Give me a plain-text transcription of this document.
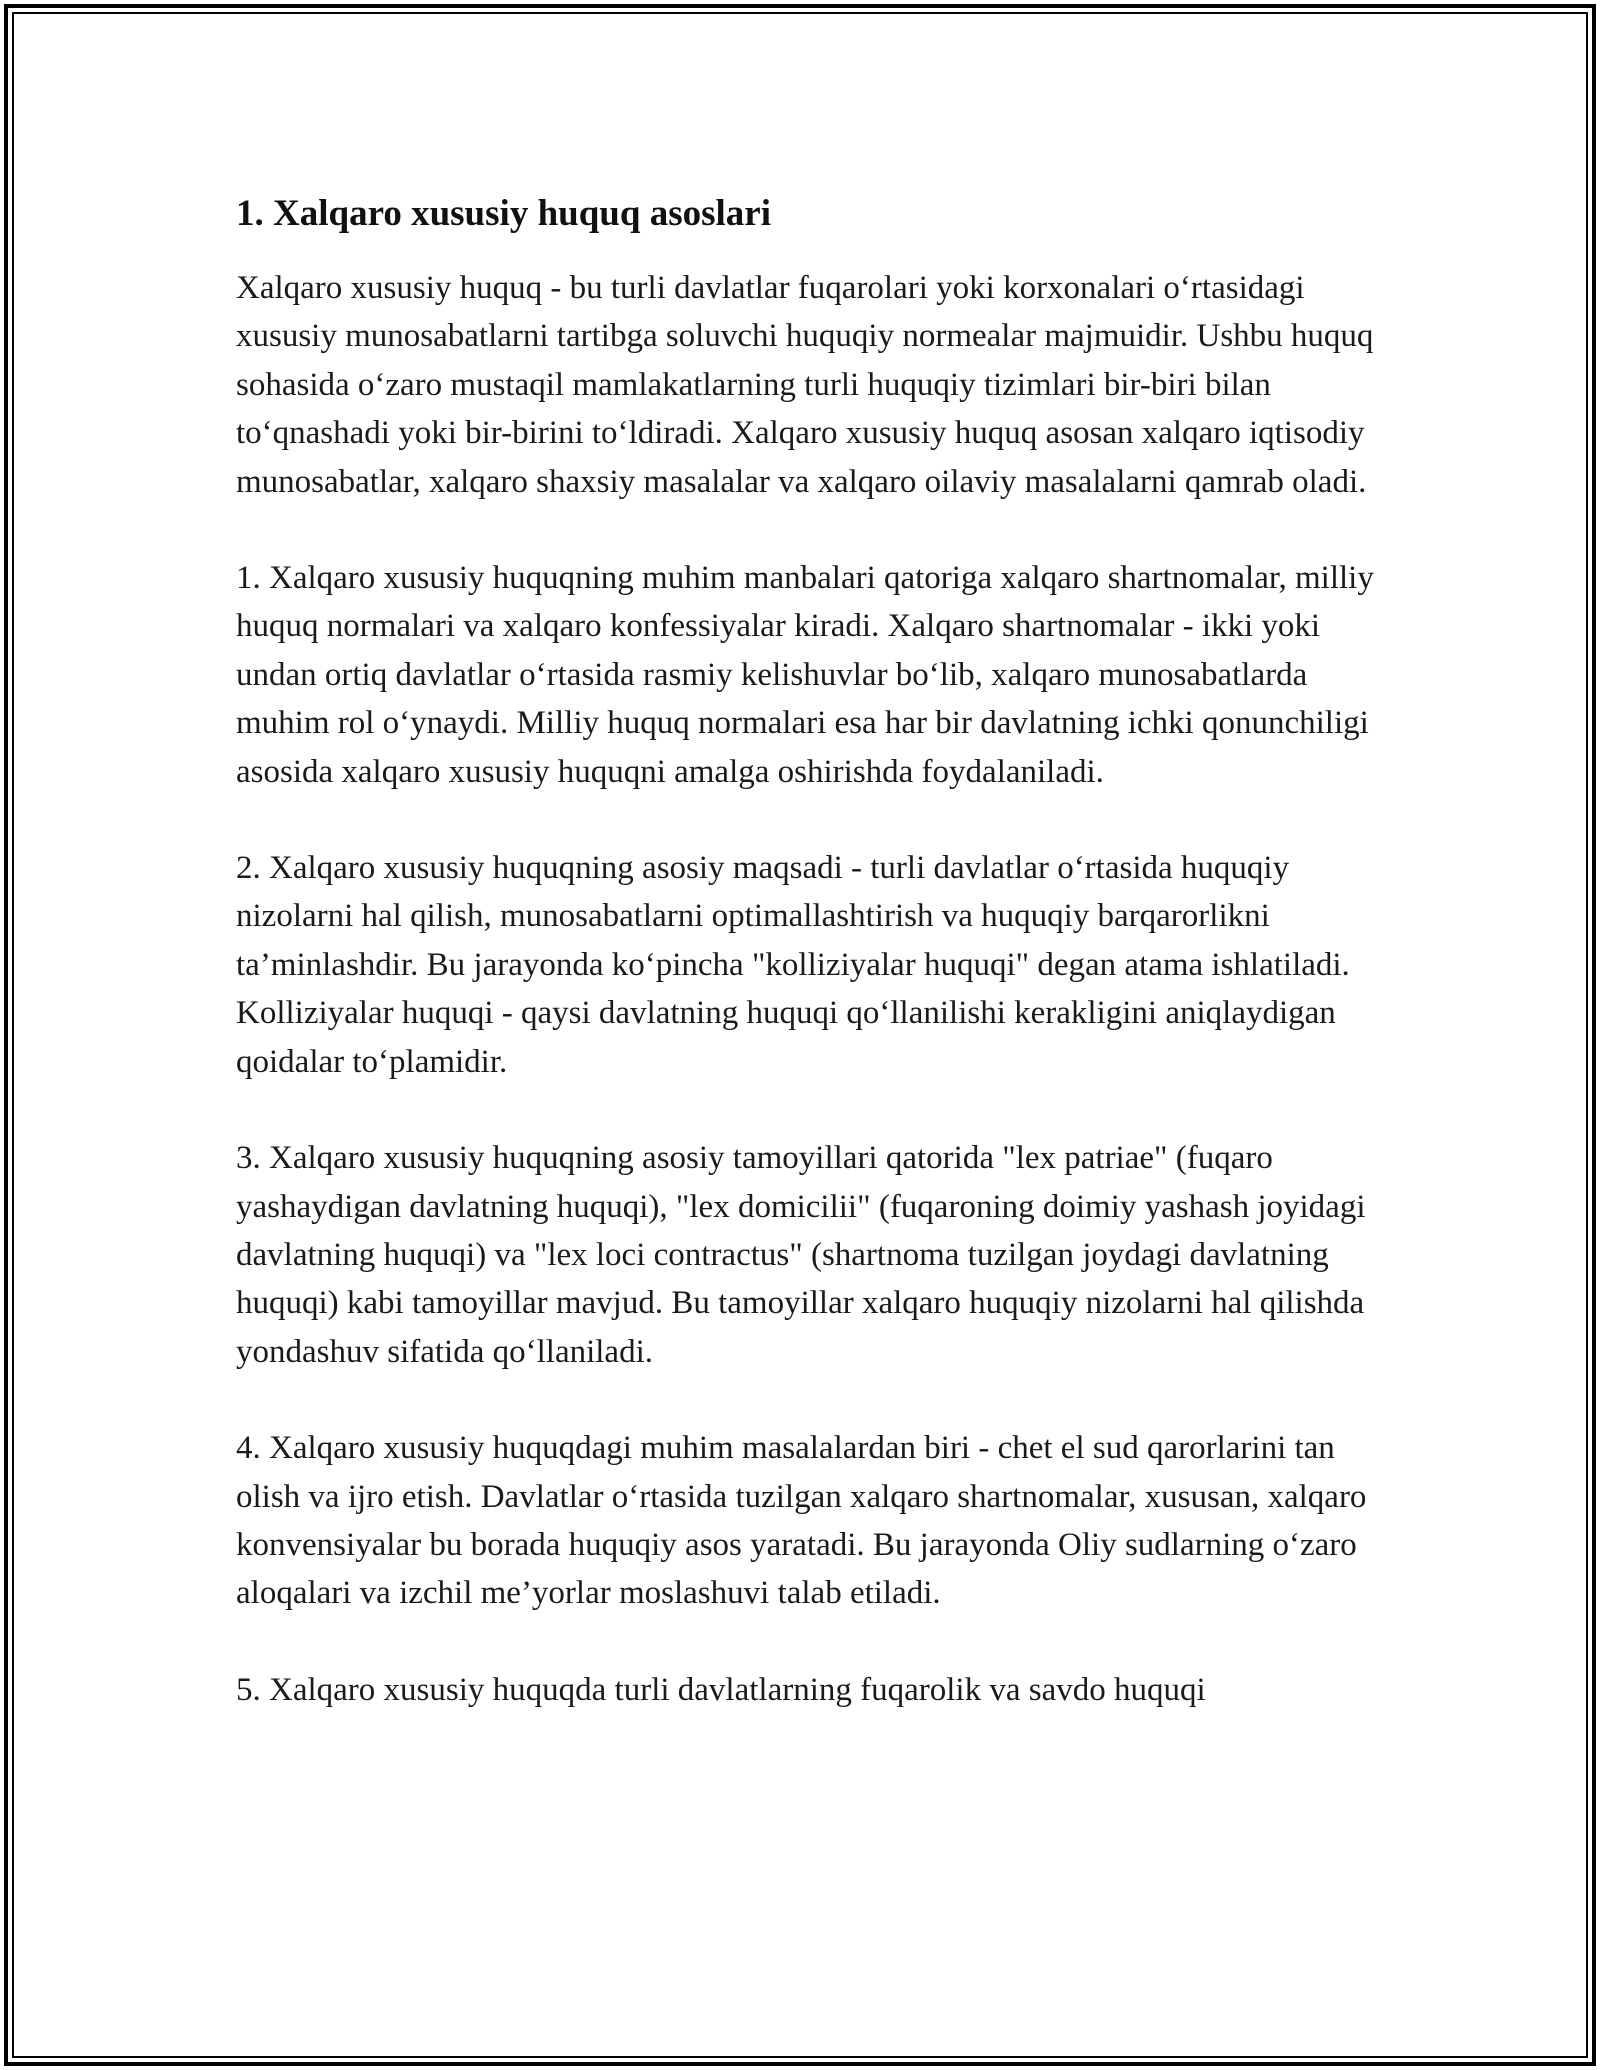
1. Xalqaro xususiy huquq asoslari

Xalqaro xususiy huquq - bu turli davlatlar fuqarolari yoki korxonalari o‘rtasidagi xususiy munosabatlarni tartibga soluvchi huquqiy normealar majmuidir. Ushbu huquq sohasida o‘zaro mustaqil mamlakatlarning turli huquqiy tizimlari bir-biri bilan to‘qnashadi yoki bir-birini to‘ldiradi. Xalqaro xususiy huquq asosan xalqaro iqtisodiy munosabatlar, xalqaro shaxsiy masalalar va xalqaro oilaviy masalalarni qamrab oladi.

1. Xalqaro xususiy huquqning muhim manbalari qatoriga xalqaro shartnomalar, milliy huquq normalari va xalqaro konfessiyalar kiradi. Xalqaro shartnomalar - ikki yoki undan ortiq davlatlar o‘rtasida rasmiy kelishuvlar bo‘lib, xalqaro munosabatlarda muhim rol o‘ynaydi. Milliy huquq normalari esa har bir davlatning ichki qonunchiligi asosida xalqaro xususiy huquqni amalga oshirishda foydalaniladi.

2. Xalqaro xususiy huquqning asosiy maqsadi - turli davlatlar o‘rtasida huquqiy nizolarni hal qilish, munosabatlarni optimallashtirish va huquqiy barqarorlikni ta’minlashdir. Bu jarayonda ko‘pincha "kolliziyalar huquqi" degan atama ishlatiladi. Kolliziyalar huquqi - qaysi davlatning huquqi qo‘llanilishi kerakligini aniqlaydigan qoidalar to‘plamidir.

3. Xalqaro xususiy huquqning asosiy tamoyillari qatorida "lex patriae" (fuqaro yashaydigan davlatning huquqi), "lex domicilii" (fuqaroning doimiy yashash joyidagi davlatning huquqi) va "lex loci contractus" (shartnoma tuzilgan joydagi davlatning huquqi) kabi tamoyillar mavjud. Bu tamoyillar xalqaro huquqiy nizolarni hal qilishda yondashuv sifatida qo‘llaniladi.

4. Xalqaro xususiy huquqdagi muhim masalalardan biri - chet el sud qarorlarini tan olish va ijro etish. Davlatlar o‘rtasida tuzilgan xalqaro shartnomalar, xususan, xalqaro konvensiyalar bu borada huquqiy asos yaratadi. Bu jarayonda Oliy sudlarning o‘zaro aloqalari va izchil me’yorlar moslashuvi talab etiladi.

5. Xalqaro xususiy huquqda turli davlatlarning fuqarolik va savdo huquqi
